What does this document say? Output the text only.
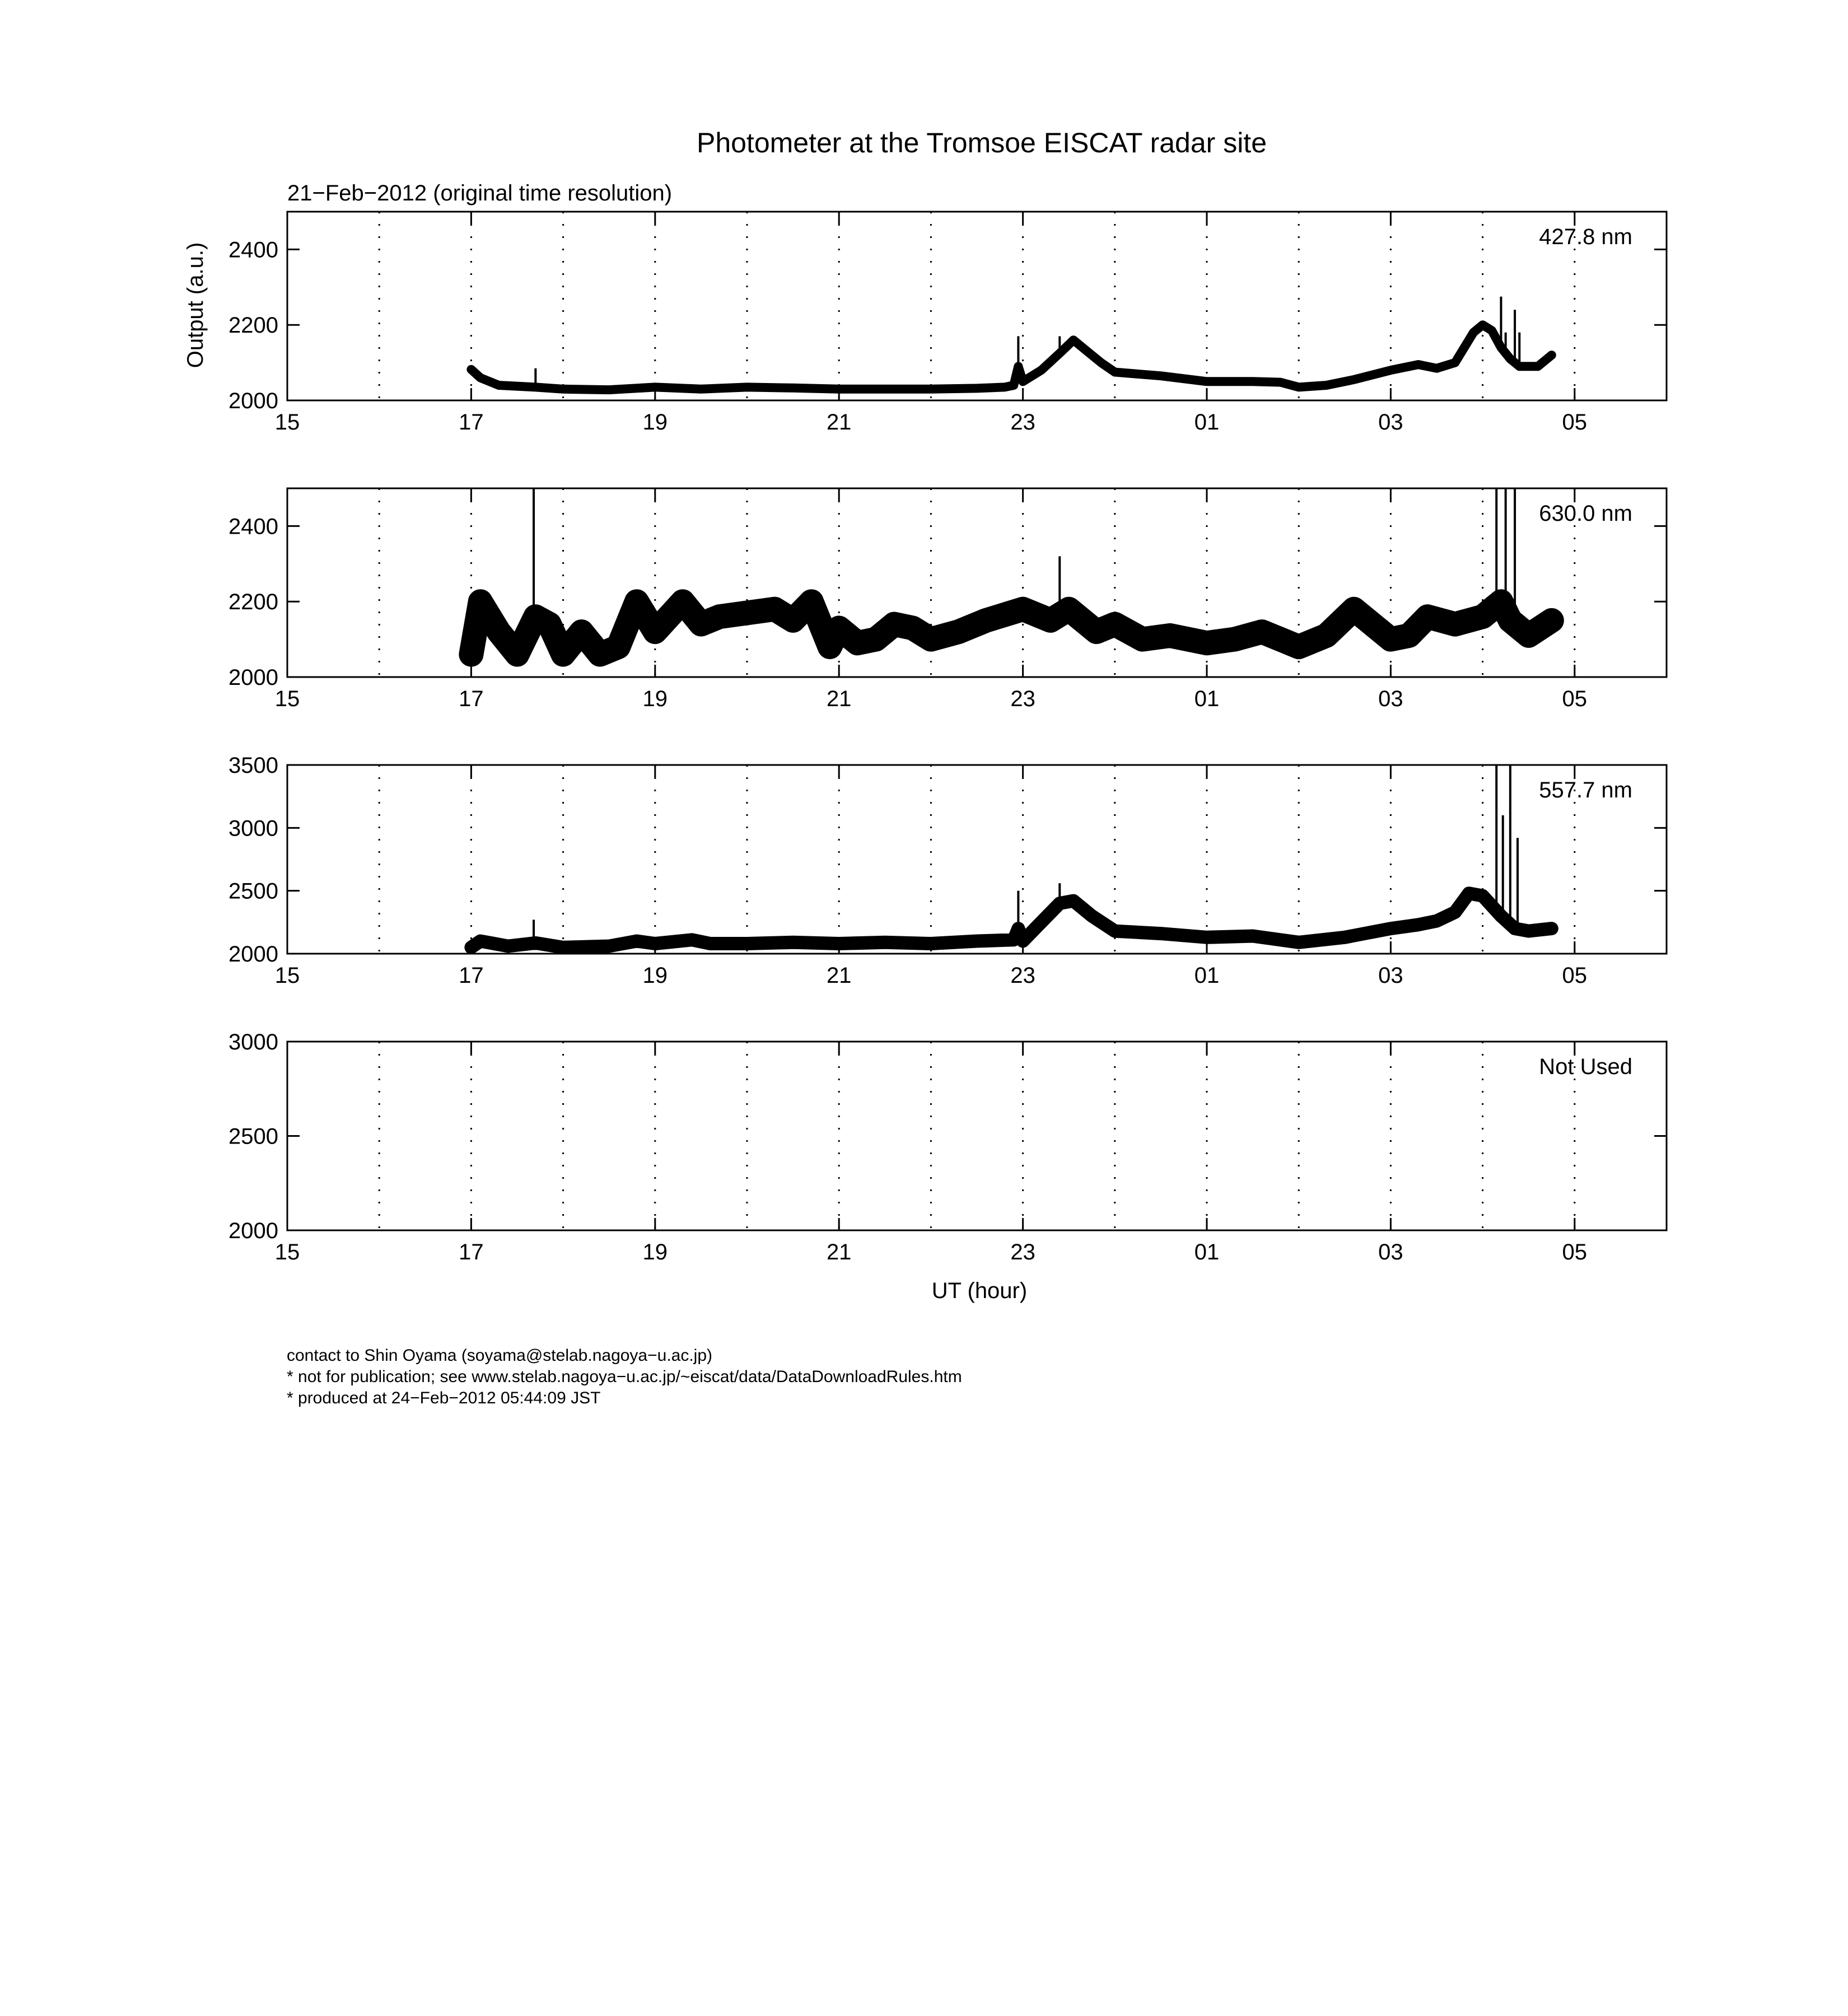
Photometer at the Tromsoe EISCAT radar site
21−Feb−2012 (original time resolution)
Output (a.u.)
UT (hour)
15	17	19	21	23	01	03	05
2000
2200
2400
427.8 nm
15	17	19	21	23	01	03	05
2000
2200
2400
630.0 nm
15	17	19	21	23	01	03	05
2000
2500
3000
3500
557.7 nm
15	17	19	21	23	01	03	05
2000
2500
3000
Not Used
contact to Shin Oyama (soyama@stelab.nagoya−u.ac.jp)
* not for publication; see www.stelab.nagoya−u.ac.jp/~eiscat/data/DataDownloadRules.htm
* produced at 24−Feb−2012 05:44:09 JST
